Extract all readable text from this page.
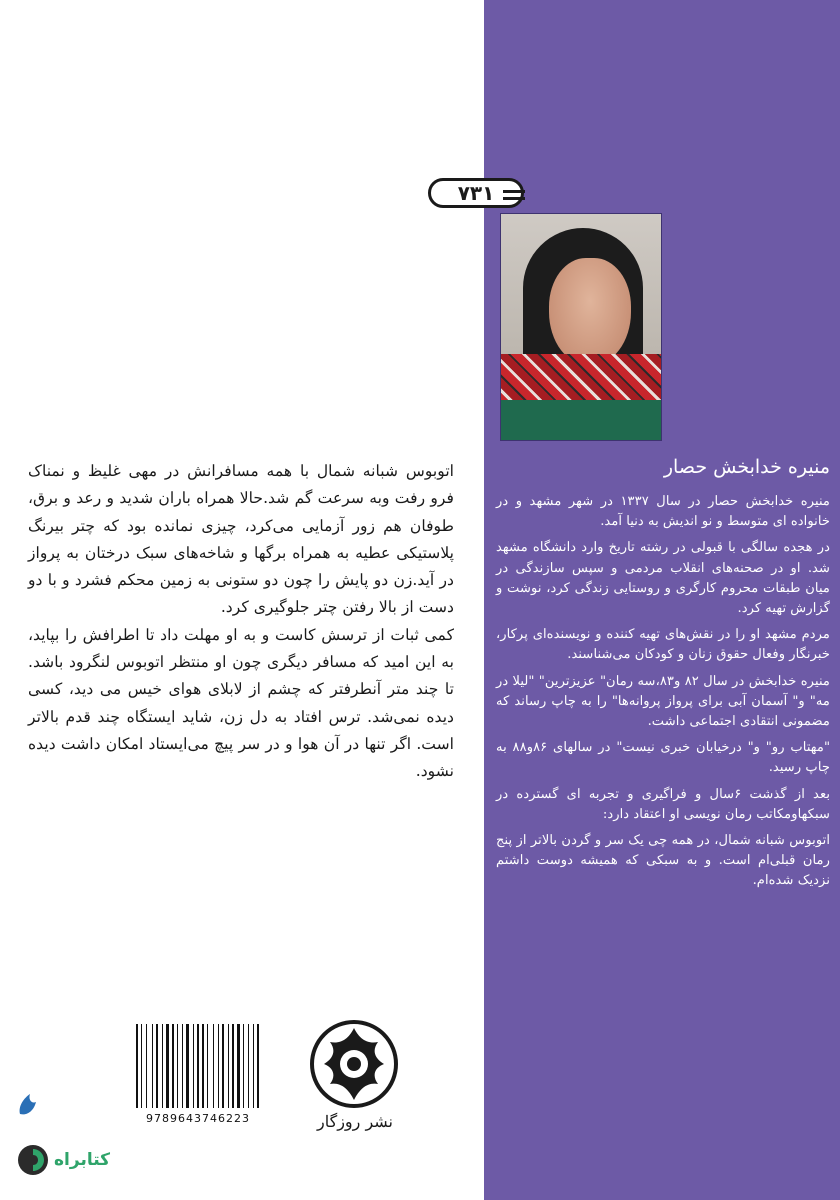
۷۳۱
منیره خدابخش حصار

منیره خدابخش حصار در سال ۱۳۳۷ در شهر مشهد و در خانواده ای متوسط و نو اندیش به دنیا آمد.

در هجده سالگی با قبولی در رشته تاریخ وارد دانشگاه مشهد شد. او در صحنه‌های انقلاب مردمی و سپس سازندگی در میان طبقات محروم کارگری و روستایی زندگی کرد، نوشت و گزارش تهیه کرد.

مردم مشهد او را در نقش‌های تهیه کننده و نویسنده‌ای پرکار، خبرنگار وفعال حقوق زنان و کودکان می‌شناسند.

منیره خدابخش در سال ۸۲ و۸۳،سه رمان" عزیزترین" "لیلا در مه" و" آسمان آبی برای پرواز پروانه‌ها" را به چاپ رساند که مضمونی انتقادی اجتماعی داشت.

"مهتاب رو" و" درخیابان خبری نیست" در سالهای ۸۶و۸۸ به چاپ رسید.

بعد از گذشت ۶سال و فراگیری و تجربه ای گسترده در سبکهاومکاتب رمان نویسی او اعتقاد دارد:

اتوبوس شبانه شمال، در همه چی یک سر و گردن بالاتر از پنج رمان قبلی‌ام است. و به سبکی که همیشه دوست داشتم نزدیک شده‌ام.

اتوبوس شبانه شمال با همه مسافرانش در مهی غلیظ و نمناک فرو رفت وبه سرعت گم شد.حالا همراه باران شدید و رعد و برق، طوفان هم زور آزمایی می‌کرد، چیزی نمانده بود که چتر بیرنگ پلاستیکی عطیه به همراه برگها و شاخه‌های سبک درختان به پرواز در آید.زن دو پایش را چون دو ستونی به زمین محکم فشرد و با دو دست از بالا رفتن چتر جلوگیری کرد.

کمی ثبات از ترسش کاست و به او مهلت داد تا اطرافش را بپاید، به این امید که مسافر دیگری چون او منتظر اتوبوس لنگرود باشد. تا چند متر آنطرفتر که چشم از لابلای هوای خیس می دید، کسی دیده نمی‌شد. ترس افتاد به دل زن، شاید ایستگاه چند قدم بالاتر است. اگر تنها در آن هوا و در سر پیچ می‌ایستاد امکان داشت دیده نشود.

9789643746223	نشر روزگار
کتابراه
